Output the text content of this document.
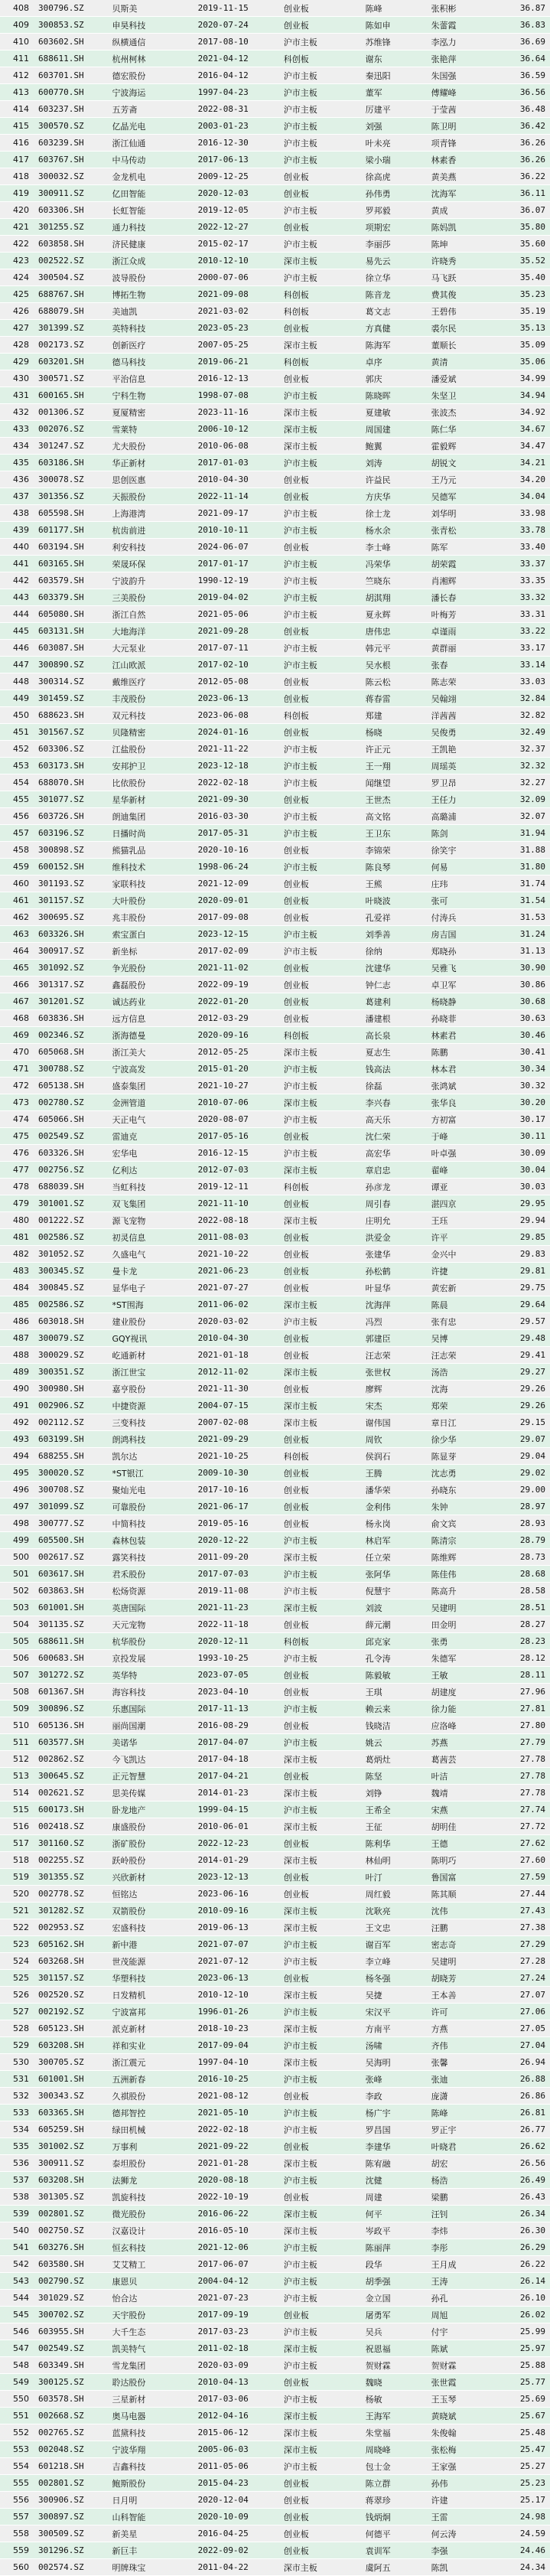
408	300796.SZ	贝斯美	2019-11-15	创业板	陈峰	张积彬	36.87
409	300853.SZ	申昊科技	2020-07-24	创业板	陈如申	朱蕾霞	36.83
410	603602.SH	纵横通信	2017-08-10	沪市主板	苏维锋	李泓力	36.69
411	688611.SH	杭州柯林	2021-04-12	科创板	谢东	张艳萍	36.64
412	603701.SH	德宏股份	2016-04-12	沪市主板	秦迅阳	朱国强	36.59
413	600770.SH	宁波海运	1997-04-23	沪市主板	董军	傅耀峰	36.56
414	603237.SH	五芳斋	2022-08-31	沪市主板	厉建平	于莹茜	36.48
415	300570.SZ	亿晶光电	2003-01-23	沪市主板	刘强	陈卫明	36.42
416	603239.SH	浙江仙通	2016-12-30	沪市主板	叶未亮	项青锋	36.26
417	603767.SH	中马传动	2017-06-13	沪市主板	梁小瑞	林素香	36.26
418	300032.SZ	金龙机电	2009-12-25	创业板	徐高虎	黄美燕	36.22
419	300911.SZ	亿田智能	2020-12-03	创业板	孙伟勇	沈海军	36.11
420	603306.SH	长虹智能	2019-12-05	沪市主板	罗邦毅	黄成	36.07
421	301255.SZ	通力科技	2022-12-27	创业板	项期宏	陈妈凯	35.80
422	603858.SH	济民健康	2015-02-17	沪市主板	李丽莎	陈坤	35.60
423	002522.SZ	浙江众成	2010-12-10	深市主板	易先云	许晓秀	35.52
424	300504.SZ	波导股份	2000-07-06	沪市主板	徐立华	马飞跃	35.40
425	688767.SH	博拓生物	2021-09-08	科创板	陈音龙	费其俊	35.23
426	688079.SH	美迪凯	2021-03-02	科创板	葛文志	王碧伟	35.19
427	301399.SZ	英特科技	2023-05-23	创业板	方真健	裘尔民	35.13
428	002173.SZ	创新医疗	2007-05-25	深市主板	陈海军	董顺长	35.09
429	603201.SH	德马科技	2019-06-21	科创板	卓序	黄清	35.06
430	300571.SZ	平治信息	2016-12-13	创业板	郭庆	潘爱斌	34.99
431	600165.SH	宁科生物	1998-07-08	沪市主板	陈晓晖	朱坚卫	34.94
432	001306.SZ	夏厦精密	2023-11-16	深市主板	夏建敏	张波杰	34.92
433	002076.SZ	雪莱特	2006-10-12	深市主板	周国建	陈仁华	34.67
434	301247.SZ	尤夫股份	2010-06-08	深市主板	鲍翼	霍毅辉	34.47
435	603186.SH	华正新材	2017-01-03	沪市主板	刘涛	胡锐文	34.21
436	300078.SZ	思创医惠	2010-04-30	创业板	许益民	王乃元	34.20
437	301356.SZ	天振股份	2022-11-14	创业板	方庆华	吴德军	34.04
438	605598.SH	上海港湾	2021-09-17	沪市主板	徐士龙	刘华明	33.98
439	601177.SH	杭齿前进	2010-10-11	沪市主板	杨水余	张青松	33.78
440	603194.SH	利安科技	2024-06-07	创业板	李士峰	陈军	33.40
441	603165.SH	荣晟环保	2017-01-17	沪市主板	冯荣华	胡荣霞	33.37
442	603579.SH	宁波韵升	1990-12-19	沪市主板	竺晓东	肖湘辉	33.35
443	603379.SH	三美股份	2019-04-02	沪市主板	胡淇翔	潘长春	33.32
444	605080.SH	浙江自然	2021-05-06	沪市主板	夏永辉	叶梅芳	33.31
445	603131.SH	大地海洋	2021-09-28	创业板	唐伟忠	卓谨雨	33.22
446	603087.SH	大元泵业	2017-07-11	沪市主板	韩元平	黄群丽	33.17
447	300890.SZ	江山欧派	2017-02-10	沪市主板	吴水根	张春	33.14
448	300314.SZ	戴维医疗	2012-05-08	创业板	陈云松	陈志荣	33.03
449	301459.SZ	丰茂股份	2023-06-13	创业板	蒋春雷	吴翰翊	32.84
450	688623.SH	双元科技	2023-06-08	科创板	郑建	洋茜茜	32.82
451	301567.SZ	贝隆精密	2024-01-16	创业板	杨晓	吴俊勇	32.49
452	603306.SZ	江盐股份	2021-11-22	沪市主板	许正元	王凯艳	32.37
453	603173.SH	安邦护卫	2023-12-18	沪市主板	王一翔	周瑶英	32.32
454	688070.SH	比依股份	2022-02-18	沪市主板	闻继望	罗卫昂	32.27
455	301077.SZ	星华新材	2021-09-30	创业板	王世杰	王任力	32.09
456	603726.SH	朗迪集团	2016-03-30	沪市主板	高文铭	高璐浦	32.07
457	603196.SZ	日播时尚	2017-05-31	沪市主板	王卫东	陈剑	31.94
458	300898.SZ	熊猫乳品	2020-10-16	创业板	李锦荣	徐笑宇	31.88
459	600152.SH	维科技术	1998-06-24	沪市主板	陈良琴	何易	31.80
460	301193.SZ	家联科技	2021-12-09	创业板	王熊	庄玮	31.74
461	301157.SZ	大叶股份	2020-09-01	创业板	叶晓波	张可	31.54
462	300695.SZ	兆丰股份	2017-09-08	创业板	孔爱祥	付涛兵	31.53
463	603326.SH	索宝蛋白	2023-12-15	沪市主板	刘季善	房吉国	31.24
464	300917.SZ	新坐标	2017-02-09	沪市主板	徐纳	郑晓孙	31.13
465	301092.SZ	争光股份	2021-11-02	创业板	沈建华	吴雅飞	30.90
466	301317.SZ	鑫磊股份	2022-09-19	创业板	钟仁志	卓卫军	30.86
467	301201.SZ	诚达药业	2022-01-20	创业板	葛建利	杨晓静	30.68
468	603836.SH	远方信息	2012-03-29	创业板	潘建根	孙晓菲	30.63
469	002346.SZ	浙海德曼	2020-09-16	科创板	高长泉	林素君	30.46
470	605068.SH	浙江美大	2012-05-25	深市主板	夏志生	陈鹏	30.41
471	300788.SZ	宁波高发	2015-01-20	沪市主板	钱高法	林本君	30.34
472	605138.SH	盛泰集团	2021-10-27	沪市主板	徐磊	张鸿斌	30.32
473	002780.SZ	金洲管道	2010-07-06	深市主板	李兴春	张华良	30.20
474	605066.SH	天正电气	2020-08-07	沪市主板	高天乐	方初富	30.17
475	002549.SZ	雷迪克	2017-05-16	创业板	沈仁荣	于峰	30.11
476	603326.SH	宏华电	2016-12-15	沪市主板	高宏华	叶卓强	30.09
477	002756.SZ	亿利达	2012-07-03	深市主板	章启忠	翟峰	30.04
478	688039.SH	当虹科技	2019-12-11	科创板	孙彦龙	谭亚	30.03
479	301001.SZ	双飞集团	2021-11-10	创业板	周引春	湛四京	29.95
480	001222.SZ	源飞宠物	2022-08-18	深市主板	庄明允	王珏	29.94
481	002586.SZ	初灵信息	2011-08-03	创业板	洪爱金	许平	29.85
482	301052.SZ	久盛电气	2021-10-22	创业板	张建华	金兴中	29.83
483	300345.SZ	曼卡龙	2021-06-23	创业板	孙松鹤	许捷	29.81
484	300845.SZ	显华电子	2021-07-27	创业板	叶显华	黄宏新	29.75
485	002586.SZ	*ST围海	2011-06-02	深市主板	沈海萍	陈晨	29.64
486	603018.SH	建业股份	2020-03-02	沪市主板	冯烈	张有忠	29.57
487	300079.SZ	GQY视讯	2010-04-30	创业板	郭建臣	吴博	29.48
488	300029.SZ	屹通新材	2021-01-18	创业板	汪志荣	汪志荣	29.41
489	300351.SZ	浙江世宝	2012-11-02	深市主板	张世权	汤浩	29.27
490	300980.SH	嘉亨股份	2021-11-30	创业板	廖辉	沈海	29.26
491	002906.SZ	中捷资源	2004-07-15	深市主板	宋杰	郑荣	29.26
492	002112.SZ	三变科技	2007-02-08	深市主板	谢伟国	章日江	29.15
493	603199.SH	朗鸿科技	2021-09-29	创业板	周钦	徐少华	29.07
494	688255.SH	凯尔达	2021-10-25	科创板	侯润石	陈显芽	29.04
495	300020.SZ	*ST银江	2009-10-30	创业板	王腾	沈志勇	29.02
496	300708.SZ	聚灿光电	2017-10-16	创业板	潘华荣	孙晓东	29.00
497	301099.SZ	可靠股份	2021-06-17	创业板	金利伟	朱钟	28.97
498	300777.SZ	中简科技	2019-05-16	创业板	杨永岗	俞文宾	28.93
499	605500.SH	森林包装	2020-12-22	沪市主板	林启军	陈清宗	28.79
500	002617.SZ	露笑科技	2011-09-20	深市主板	任立荣	陈维辉	28.73
501	603617.SH	君禾股份	2017-07-03	沪市主板	张阿华	陈佳伟	28.68
502	603863.SH	松炀资源	2019-11-08	沪市主板	倪慧宇	陈高升	28.58
503	601001.SH	英唐国际	2021-11-23	深市主板	刘波	吴建明	28.51
504	301135.SZ	天元宠物	2022-11-18	创业板	薛元潮	田金明	28.27
505	688611.SH	杭华股份	2020-12-11	科创板	邱克家	张勇	28.23
506	600683.SH	京投发展	1993-10-25	沪市主板	孔令涛	朱德军	28.12
507	301272.SZ	英华特	2023-07-05	创业板	陈毅敏	王敏	28.11
508	601367.SH	海容科技	2023-04-10	创业板	王琪	胡建度	27.96
509	300896.SZ	乐惠国际	2017-11-13	沪市主板	赖云来	徐力能	27.81
510	605136.SH	丽尚国潮	2016-08-29	创业板	钱晓洁	应洛峰	27.80
511	603577.SH	美诺华	2017-04-07	沪市主板	姚云	苏燕	27.79
512	002862.SZ	今飞凯达	2017-04-18	深市主板	葛炳灶	葛茜芸	27.78
513	300645.SZ	正元智慧	2017-04-21	创业板	陈坚	叶洁	27.78
514	002621.SZ	思美传媒	2014-01-23	深市主板	刘铮	魏靖	27.78
515	600173.SH	卧龙地产	1999-04-15	沪市主板	王希全	宋燕	27.74
516	002418.SZ	康盛股份	2010-06-01	深市主板	王征	胡明佳	27.72
517	301160.SZ	浙矿股份	2022-12-23	创业板	陈利华	王德	27.62
518	002255.SZ	跃岭股份	2014-01-29	深市主板	林仙明	陈明巧	27.60
519	301355.SZ	兴欣新材	2023-12-13	创业板	叶汀	鲁国富	27.59
520	002778.SZ	恒铭达	2023-06-16	创业板	周红毅	陈其顺	27.44
521	301282.SZ	双箭股份	2010-09-16	深市主板	沈耿亮	沈伟	27.43
522	002953.SZ	宏盛科技	2019-06-13	深市主板	王文忠	汪鹏	27.38
523	605162.SH	新中港	2021-07-07	沪市主板	谢百军	密志奇	27.29
524	603268.SH	世茂能源	2021-07-12	沪市主板	李立峰	吴建明	27.28
525	301157.SZ	华塑科技	2023-06-13	创业板	杨冬强	胡晓芳	27.24
526	002520.SZ	日发精机	2010-12-10	深市主板	吴捷	王本善	27.07
527	002192.SZ	宁波富邦	1996-01-26	沪市主板	宋汉平	许可	27.06
528	605123.SH	派克新材	2018-10-23	深市主板	方南平	方燕	27.05
529	603208.SH	祥和实业	2017-09-04	沪市主板	汤啸	齐伟	27.04
530	300705.SZ	浙江震元	1997-04-10	深市主板	吴海明	张馨	26.94
531	601001.SH	五洲新春	2016-10-25	沪市主板	张峰	张迪	26.88
532	300343.SZ	久祺股份	2021-08-12	创业板	李政	庞潇	26.86
533	603365.SH	德邦智控	2021-05-10	沪市主板	杨广宇	陈峰	26.81
534	605259.SH	绿田机械	2022-02-18	沪市主板	罗昌国	罗正宇	26.77
535	301002.SZ	万事利	2021-09-22	创业板	李建华	叶晓君	26.62
536	300911.SZ	泰坦股份	2021-01-28	深市主板	陈宥融	胡宏	26.56
537	603208.SH	法狮龙	2020-08-18	沪市主板	沈健	杨浩	26.49
538	301305.SZ	凯旋科技	2022-10-19	创业板	周建	梁鹏	26.43
539	002801.SZ	微光股份	2016-06-22	深市主板	何平	汪钊	26.34
540	002750.SZ	汉嘉设计	2016-05-10	深市主板	岑政平	李炜	26.30
541	603276.SH	恒玄科技	2021-12-06	沪市主板	陈丽萍	李彤	26.29
542	603580.SH	艾艾精工	2017-06-07	沪市主板	段华	王月成	26.22
543	002790.SZ	康恩贝	2004-04-12	沪市主板	胡季强	王涛	26.14
544	301029.SZ	怡合达	2021-07-23	沪市主板	金立国	孙孔	26.10
545	300702.SZ	天宇股份	2017-09-19	创业板	屠勇军	周旭	26.02
546	603955.SH	大千生态	2017-03-23	沪市主板	吴兵	付宇	25.99
547	002549.SZ	凯美特气	2011-02-18	深市主板	祝恩福	陈斌	25.97
548	603349.SH	雪龙集团	2020-03-09	沪市主板	贺财霖	贺财霖	25.88
549	300125.SZ	聆达股份	2010-04-13	创业板	魏晓	张世霞	25.77
550	603578.SH	三星新材	2017-03-06	沪市主板	杨敏	王玉琴	25.69
551	002668.SZ	奥马电器	2012-04-16	深市主板	王海军	黄晓斌	25.67
552	002765.SZ	蓝黛科技	2015-06-12	深市主板	朱堂福	朱俊翰	25.48
553	002048.SZ	宁波华翔	2005-06-03	深市主板	周晓峰	张松梅	25.47
554	601218.SH	吉鑫科技	2011-05-06	沪市主板	包士金	王家强	25.27
555	002801.SZ	鲍斯股份	2015-04-23	创业板	陈立群	孙伟	25.23
556	300906.SZ	日月明	2020-12-04	创业板	蒋翠珍	许建	25.17
557	300897.SZ	山科智能	2020-10-09	创业板	钱炳炯	王雷	24.98
558	300509.SZ	新美星	2016-04-25	创业板	何德平	何云涛	24.59
559	301296.SZ	新巨丰	2022-09-02	创业板	袁训军	李强	24.46
560	002574.SZ	明牌珠宝	2011-04-22	深市主板	虞阿五	陈凯	24.34
